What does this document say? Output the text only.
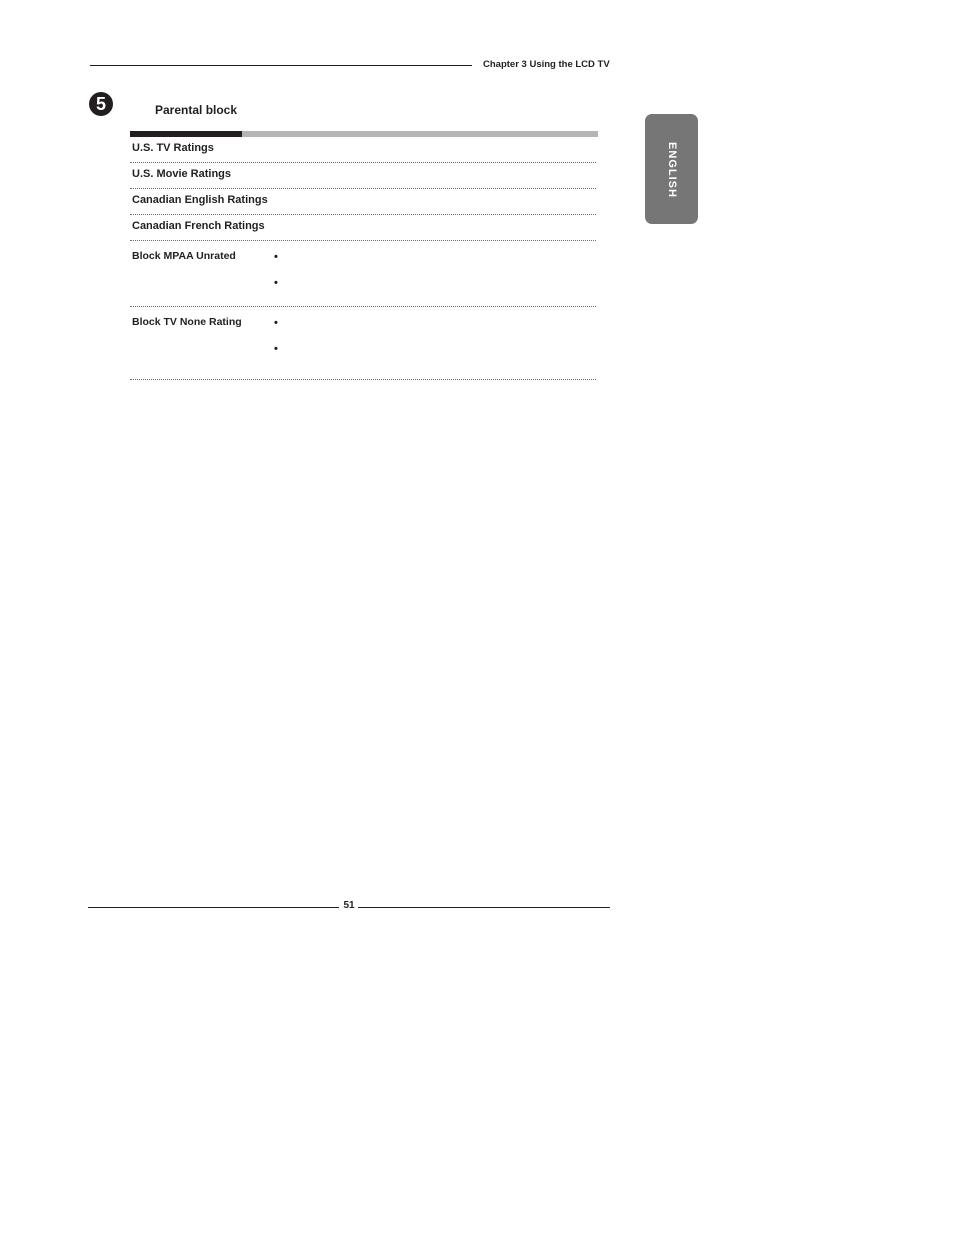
Chapter 3 Using the LCD TV
5	Parental block
ENGLISH
U.S. TV Ratings
U.S. Movie Ratings
Canadian English Ratings
Canadian French Ratings
Block MPAA Unrated	•
•
Block TV None Rating	•
•
51
